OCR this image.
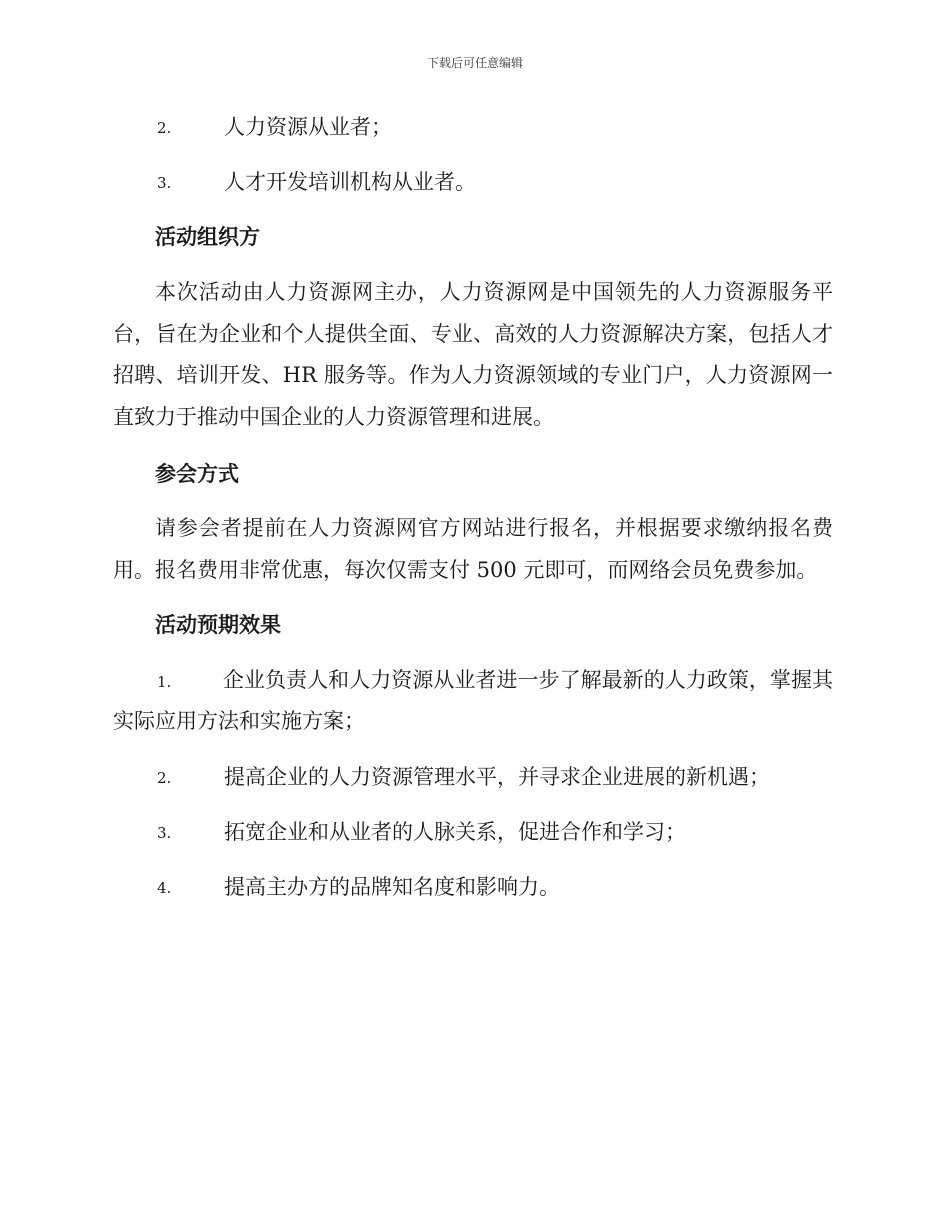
下载后可任意编辑
2.	人力资源从业者；
3.	人才开发培训机构从业者。
活动组织方
本次活动由人力资源网主办，人力资源网是中国领先的人力资源服务平台，旨在为企业和个人提供全面、专业、高效的人力资源解决方案，包括人才招聘、培训开发、HR 服务等。作为人力资源领域的专业门户，人力资源网一直致力于推动中国企业的人力资源管理和进展。
参会方式
请参会者提前在人力资源网官方网站进行报名，并根据要求缴纳报名费用。报名费用非常优惠，每次仅需支付 500 元即可，而网络会员免费参加。
活动预期效果
1.	企业负责人和人力资源从业者进一步了解最新的人力政策，掌握其实际应用方法和实施方案；
2.	提高企业的人力资源管理水平，并寻求企业进展的新机遇；
3.	拓宽企业和从业者的人脉关系，促进合作和学习；
4.	提高主办方的品牌知名度和影响力。
